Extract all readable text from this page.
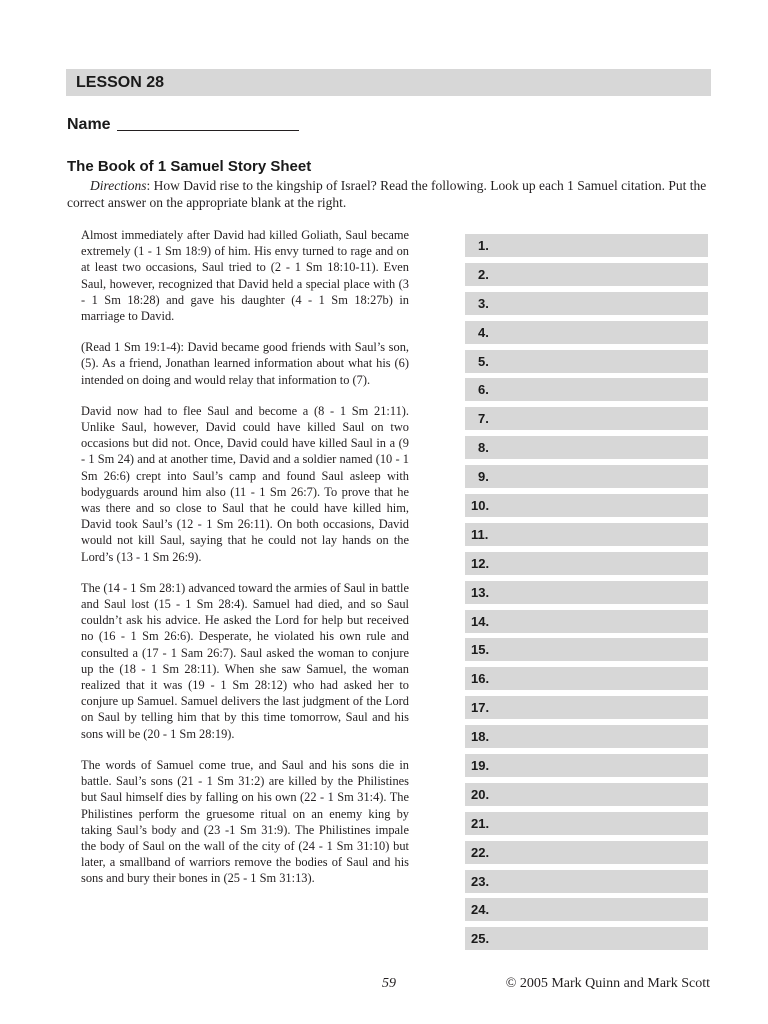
LESSON 28
Name
The Book of 1 Samuel Story Sheet
Directions: How David rise to the kingship of Israel? Read the following. Look up each 1 Samuel citation. Put the correct answer on the appropriate blank at the right.

Almost immediately after David had killed Goliath, Saul became extremely (1 - 1 Sm 18:9) of him. His envy turned to rage and on at least two occasions, Saul tried to (2 - 1 Sm 18:10-11). Even Saul, however, recognized that David held a special place with (3 - 1 Sm 18:28) and gave his daughter (4 - 1 Sm 18:27b) in marriage to David.

(Read 1 Sm 19:1-4): David became good friends with Saul’s son, (5). As a friend, Jonathan learned information about what his (6) intended on doing and would relay that information to (7).

David now had to flee Saul and become a (8 - 1 Sm 21:11). Unlike Saul, however, David could have killed Saul on two occasions but did not. Once, David could have killed Saul in a (9 - 1 Sm 24) and at another time, David and a soldier named (10 - 1 Sm 26:6) crept into Saul’s camp and found Saul asleep with bodyguards around him also (11 - 1 Sm 26:7). To prove that he was there and so close to Saul that he could have killed him, David took Saul’s (12 - 1 Sm 26:11). On both occasions, David would not kill Saul, saying that he could not lay hands on the Lord’s (13 - 1 Sm 26:9).

The (14 - 1 Sm 28:1) advanced toward the armies of Saul in battle and Saul lost (15 - 1 Sm 28:4). Samuel had died, and so Saul couldn’t ask his advice. He asked the Lord for help but received no (16 - 1 Sm 26:6). Desperate, he violated his own rule and consulted a (17 - 1 Sam 26:7). Saul asked the woman to conjure up the (18 - 1 Sm 28:11). When she saw Samuel, the woman realized that it was (19 - 1 Sm 28:12) who had asked her to conjure up Samuel. Samuel delivers the last judgment of the Lord on Saul by telling him that by this time tomorrow, Saul and his sons will be (20 - 1 Sm 28:19).

The words of Samuel come true, and Saul and his sons die in battle. Saul’s sons (21 - 1 Sm 31:2) are killed by the Philistines but Saul himself dies by falling on his own (22 - 1 Sm 31:4). The Philistines perform the gruesome ritual on an enemy king by taking Saul’s body and (23 -1 Sm 31:9). The Philistines impale the body of Saul on the wall of the city of (24 - 1 Sm 31:10) but later, a smallband of warriors remove the bodies of Saul and his sons and bury their bones in (25 - 1 Sm 31:13).

1.
2.
3.
4.
5.
6.
7.
8.
9.
10.
11.
12.
13.
14.
15.
16.
17.
18.
19.
20.
21.
22.
23.
24.
25.
59	© 2005 Mark Quinn and Mark Scott
